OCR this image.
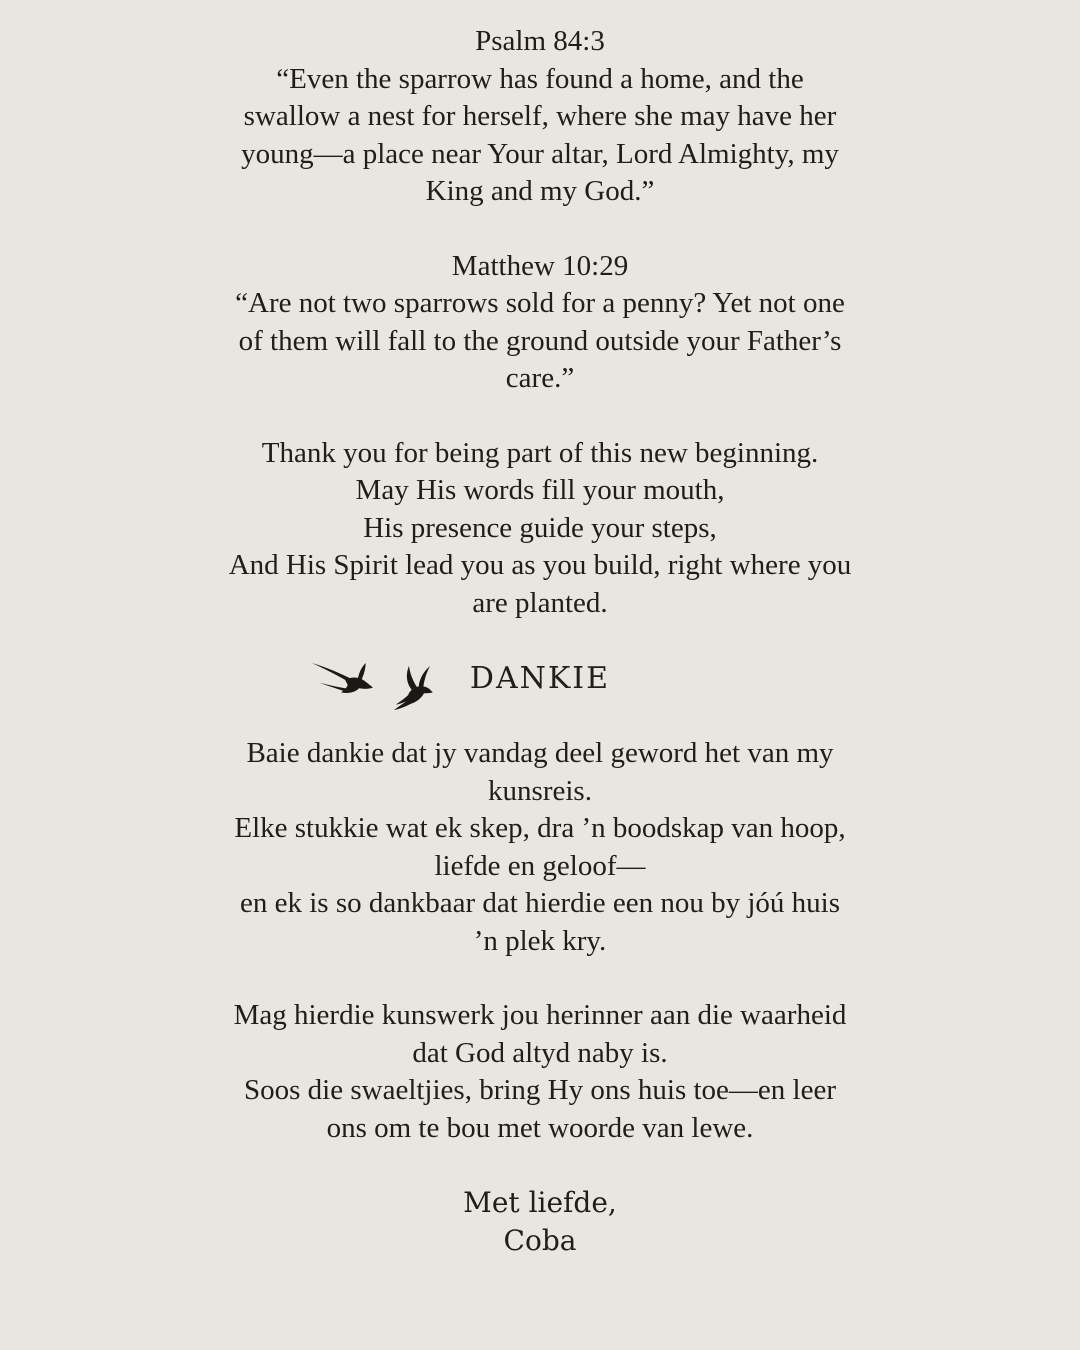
Psalm 84:3
“Even the sparrow has found a home, and the
swallow a nest for herself, where she may have her
young—a place near Your altar, Lord Almighty, my
King and my God.”
Matthew 10:29
“Are not two sparrows sold for a penny? Yet not one
of them will fall to the ground outside your Father’s
care.”
Thank you for being part of this new beginning.
May His words fill your mouth,
His presence guide your steps,
And His Spirit lead you as you build, right where you
are planted.
DANKIE
Baie dankie dat jy vandag deel geword het van my
kunsreis.
Elke stukkie wat ek skep, dra ’n boodskap van hoop,
liefde en geloof—
en ek is so dankbaar dat hierdie een nou by jóú huis
’n plek kry.
Mag hierdie kunswerk jou herinner aan die waarheid
dat God altyd naby is.
Soos die swaeltjies, bring Hy ons huis toe—en leer
ons om te bou met woorde van lewe.
Met liefde,
Coba
